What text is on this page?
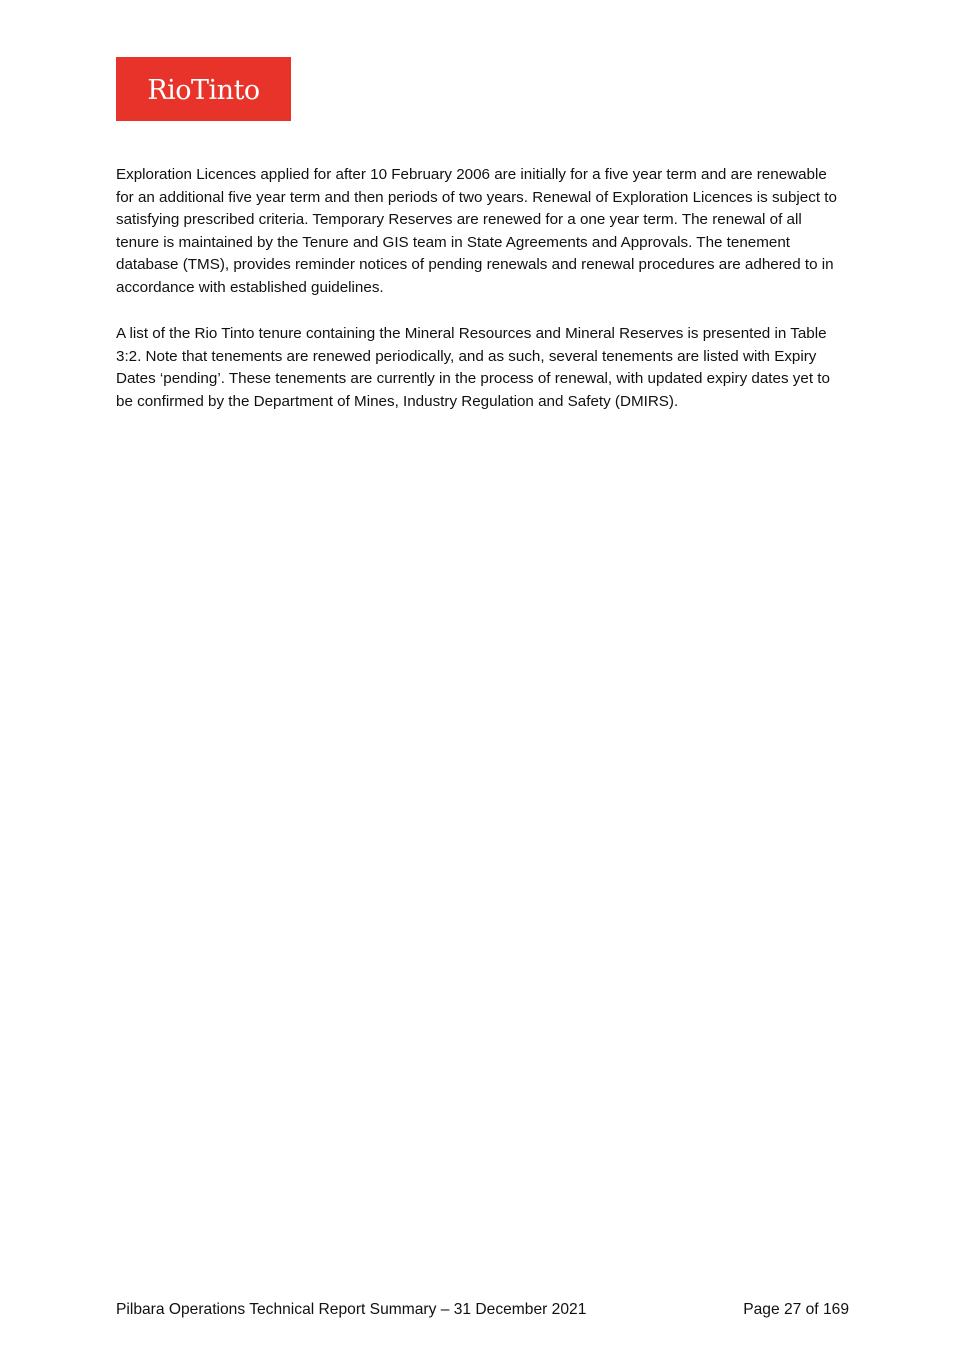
RioTinto

Exploration Licences applied for after 10 February 2006 are initially for a five year term and are renewable for an additional five year term and then periods of two years. Renewal of Exploration Licences is subject to satisfying prescribed criteria. Temporary Reserves are renewed for a one year term. The renewal of all tenure is maintained by the Tenure and GIS team in State Agreements and Approvals. The tenement database (TMS), provides reminder notices of pending renewals and renewal procedures are adhered to in accordance with established guidelines.

A list of the Rio Tinto tenure containing the Mineral Resources and Mineral Reserves is presented in Table 3:2. Note that tenements are renewed periodically, and as such, several tenements are listed with Expiry Dates ‘pending’. These tenements are currently in the process of renewal, with updated expiry dates yet to be confirmed by the Department of Mines, Industry Regulation and Safety (DMIRS).

Pilbara Operations Technical Report Summary – 31 December 2021	Page 27 of 169
